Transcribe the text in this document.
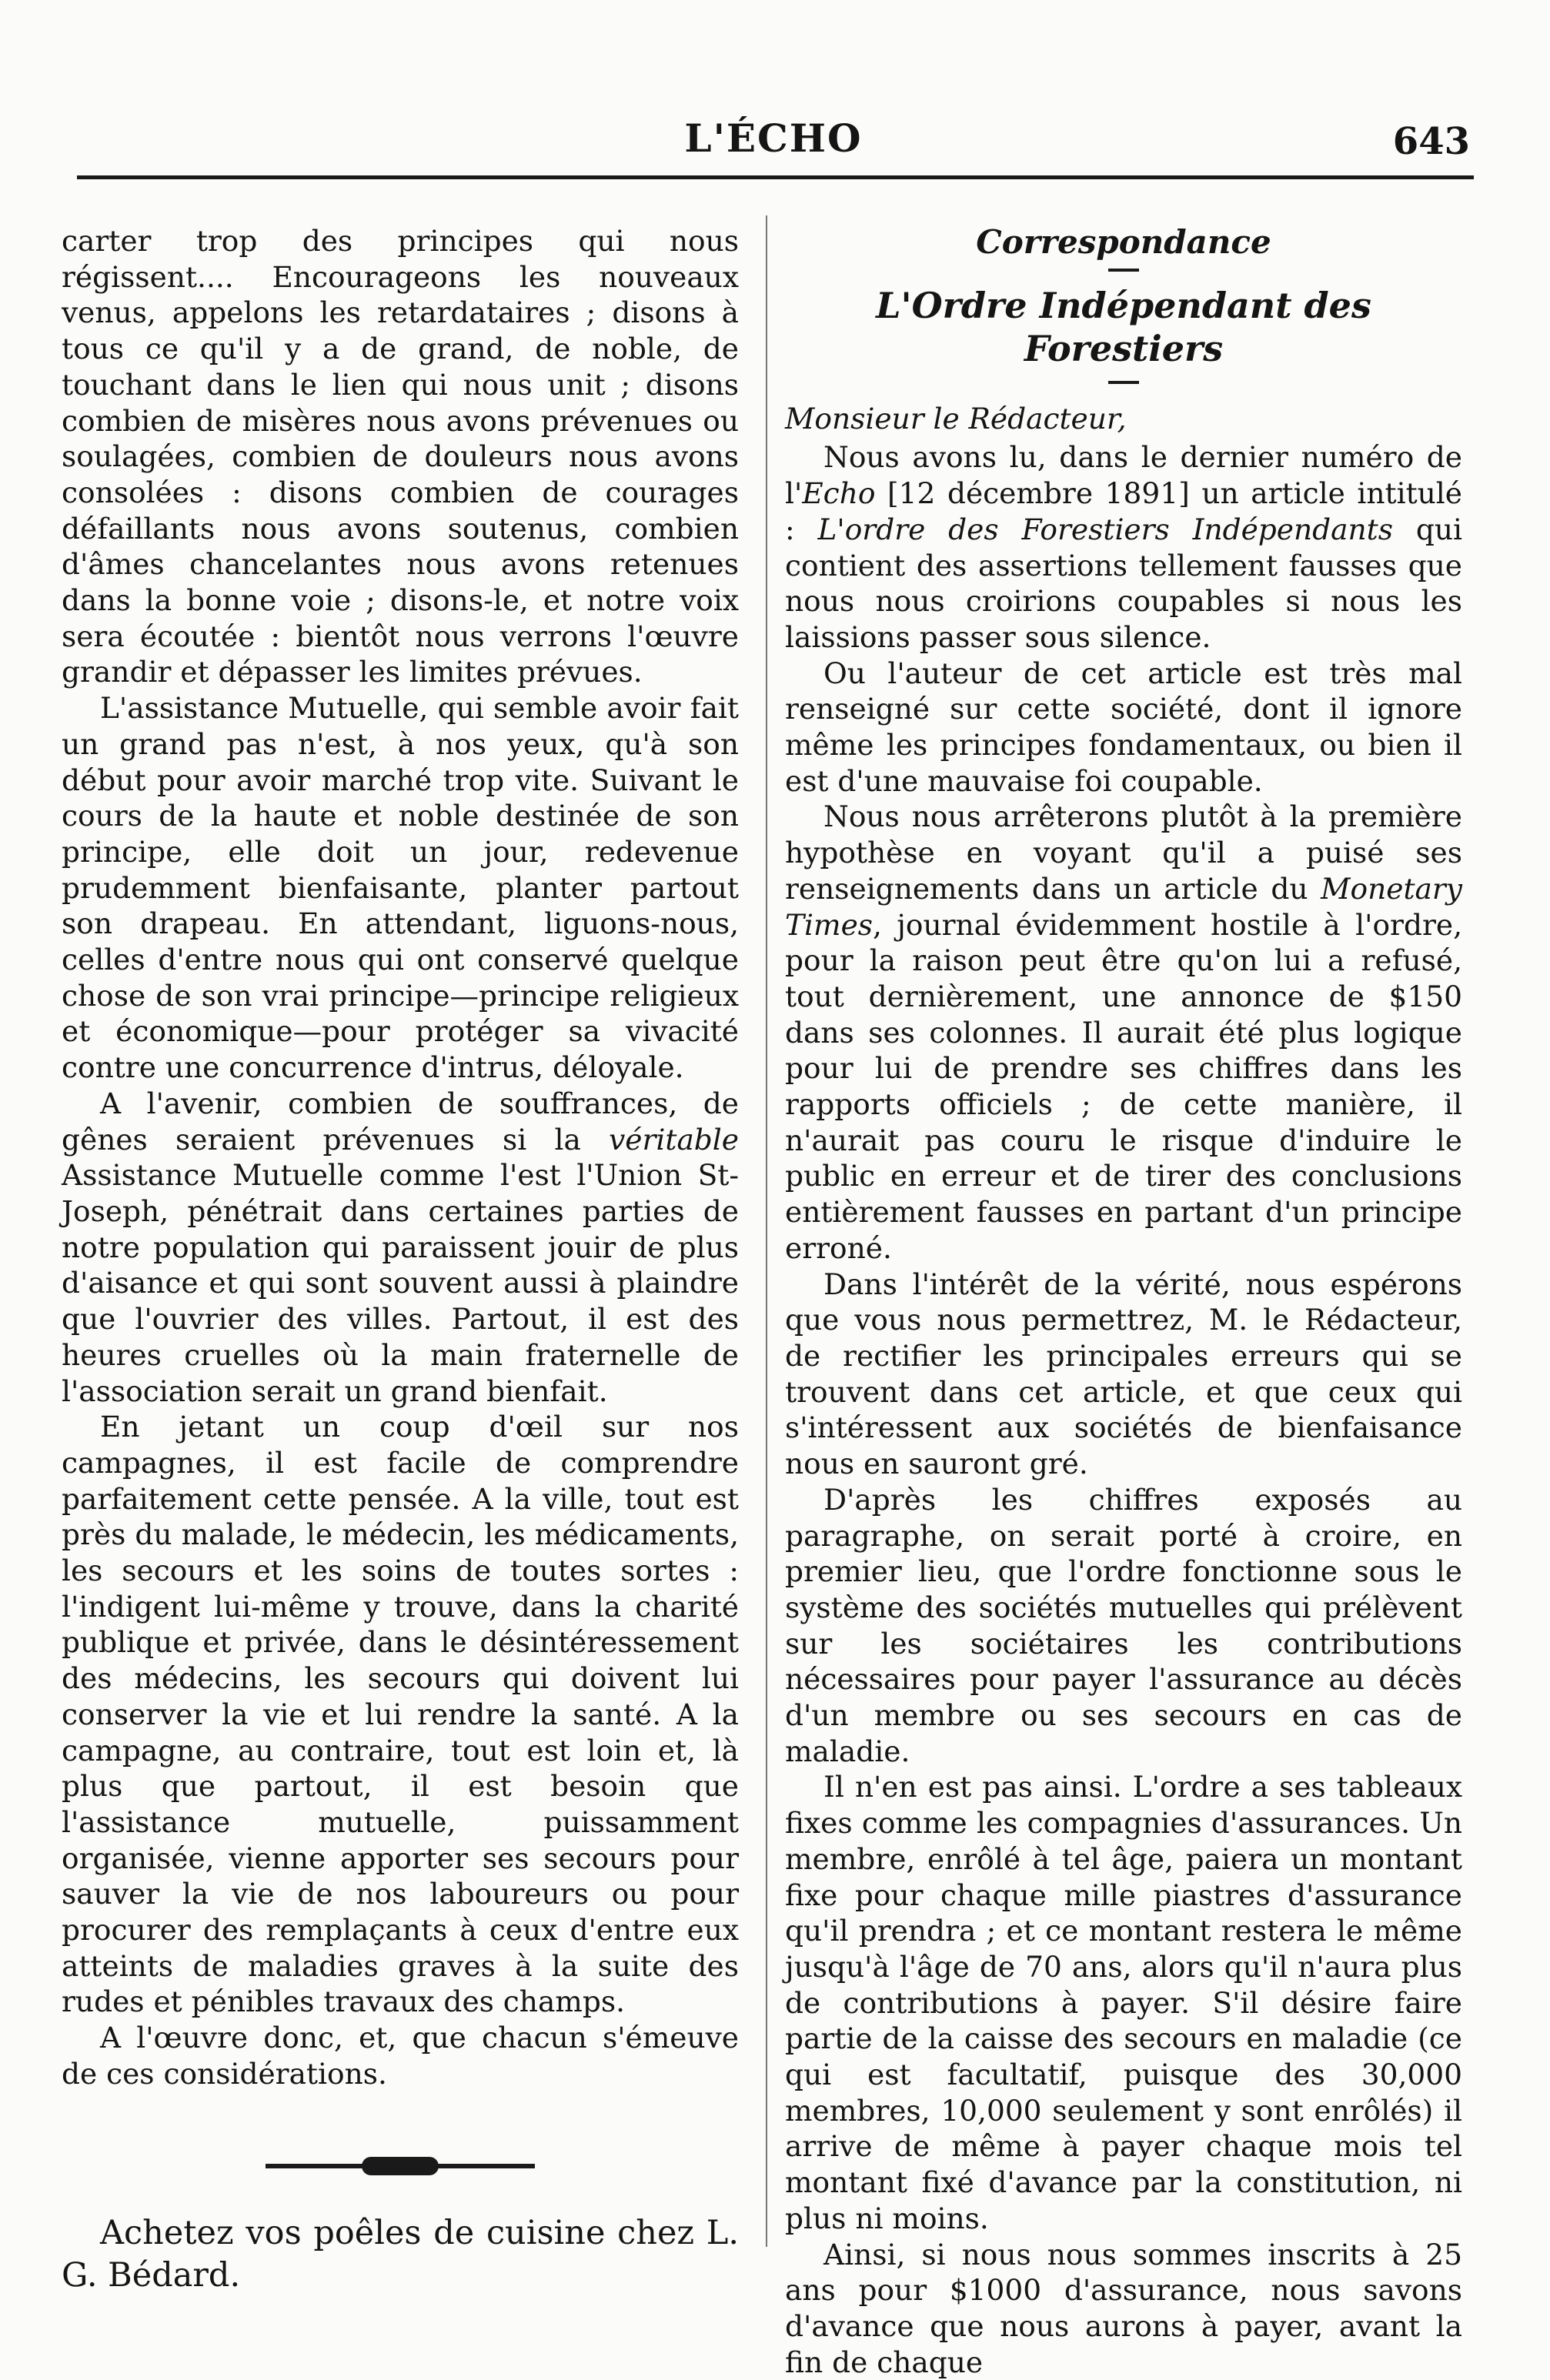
L'ÉCHO	643

carter trop des principes qui nous régissent.... Encourageons les nouveaux venus, appelons les retardataires ; disons à tous ce qu'il y a de grand, de noble, de touchant dans le lien qui nous unit ; disons combien de misères nous avons prévenues ou soulagées, combien de douleurs nous avons consolées : disons combien de courages défaillants nous avons soutenus, combien d'âmes chancelantes nous avons retenues dans la bonne voie ; disons-le, et notre voix sera écoutée : bientôt nous verrons l'œuvre grandir et dépasser les limites prévues.

L'assistance Mutuelle, qui semble avoir fait un grand pas n'est, à nos yeux, qu'à son début pour avoir marché trop vite. Suivant le cours de la haute et noble destinée de son principe, elle doit un jour, redevenue prudemment bienfaisante, planter partout son drapeau. En attendant, liguons-nous, celles d'entre nous qui ont conservé quelque chose de son vrai principe—principe religieux et économique—pour protéger sa vivacité contre une concurrence d'intrus, déloyale.

A l'avenir, combien de souffrances, de gênes seraient prévenues si la véritable Assistance Mutuelle comme l'est l'Union St-Joseph, pénétrait dans certaines parties de notre population qui paraissent jouir de plus d'aisance et qui sont souvent aussi à plaindre que l'ouvrier des villes. Partout, il est des heures cruelles où la main fraternelle de l'association serait un grand bienfait.

En jetant un coup d'œil sur nos campagnes, il est facile de comprendre parfaitement cette pensée. A la ville, tout est près du malade, le médecin, les médicaments, les secours et les soins de toutes sortes : l'indigent lui-même y trouve, dans la charité publique et privée, dans le désintéressement des médecins, les secours qui doivent lui conserver la vie et lui rendre la santé. A la campagne, au contraire, tout est loin et, là plus que partout, il est besoin que l'assistance mutuelle, puissamment organisée, vienne apporter ses secours pour sauver la vie de nos laboureurs ou pour procurer des remplaçants à ceux d'entre eux atteints de maladies graves à la suite des rudes et pénibles travaux des champs.

A l'œuvre donc, et, que chacun s'émeuve de ces considérations.

Achetez vos poêles de cuisine chez L. G. Bédard.

Correspondance
L'Ordre Indépendant des Forestiers

Monsieur le Rédacteur,

Nous avons lu, dans le dernier numéro de l'Echo [12 décembre 1891] un article intitulé : L'ordre des Forestiers Indépendants qui contient des assertions tellement fausses que nous nous croirions coupables si nous les laissions passer sous silence.

Ou l'auteur de cet article est très mal renseigné sur cette société, dont il ignore même les principes fondamentaux, ou bien il est d'une mauvaise foi coupable.

Nous nous arrêterons plutôt à la première hypothèse en voyant qu'il a puisé ses renseignements dans un article du Monetary Times, journal évidemment hostile à l'ordre, pour la raison peut être qu'on lui a refusé, tout dernièrement, une annonce de $150 dans ses colonnes. Il aurait été plus logique pour lui de prendre ses chiffres dans les rapports officiels ; de cette manière, il n'aurait pas couru le risque d'induire le public en erreur et de tirer des conclusions entièrement fausses en partant d'un principe erroné.

Dans l'intérêt de la vérité, nous espérons que vous nous permettrez, M. le Rédacteur, de rectifier les principales erreurs qui se trouvent dans cet article, et que ceux qui s'intéressent aux sociétés de bienfaisance nous en sauront gré.

D'après les chiffres exposés au paragraphe, on serait porté à croire, en premier lieu, que l'ordre fonctionne sous le système des sociétés mutuelles qui prélèvent sur les sociétaires les contributions nécessaires pour payer l'assurance au décès d'un membre ou ses secours en cas de maladie.

Il n'en est pas ainsi. L'ordre a ses tableaux fixes comme les compagnies d'assurances. Un membre, enrôlé à tel âge, paiera un montant fixe pour chaque mille piastres d'assurance qu'il prendra ; et ce montant restera le même jusqu'à l'âge de 70 ans, alors qu'il n'aura plus de contributions à payer. S'il désire faire partie de la caisse des secours en maladie (ce qui est facultatif, puisque des 30,000 membres, 10,000 seulement y sont enrôlés) il arrive de même à payer chaque mois tel montant fixé d'avance par la constitution, ni plus ni moins.

Ainsi, si nous nous sommes inscrits à 25 ans pour $1000 d'assurance, nous savons d'avance que nous aurons à payer, avant la fin de chaque
